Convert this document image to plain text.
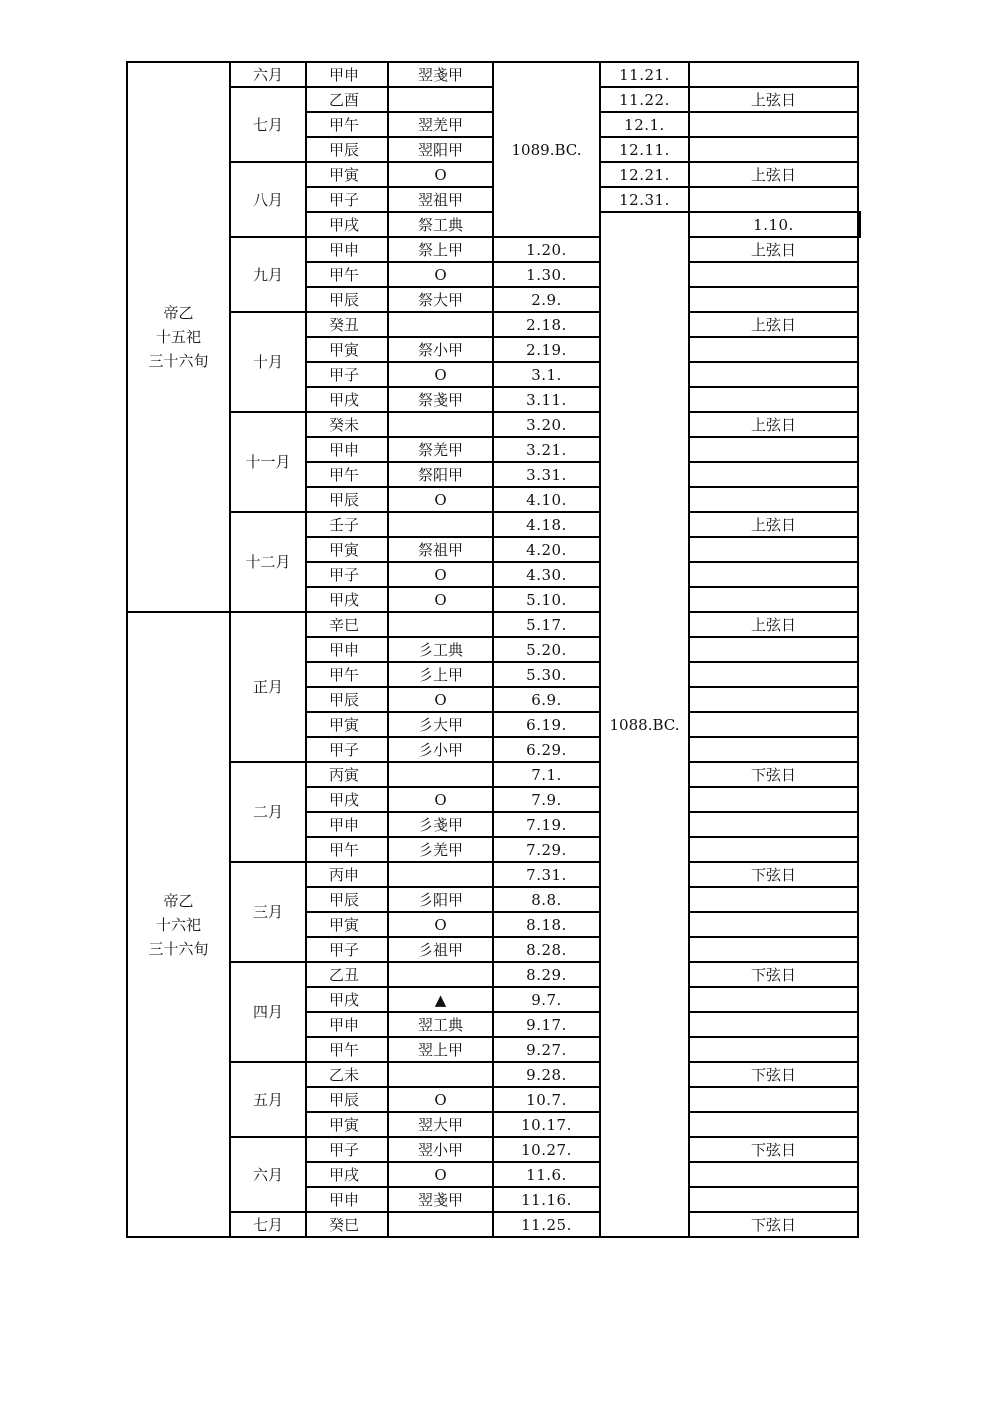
帝乙
十五祀
三十六旬	六月	甲申	翌戔甲	1089.BC.	11.21.		
	七月	乙酉			11.22.	上弦日	
		甲午	翌羌甲		12.1.		
		甲辰	翌阳甲		12.11.		
	八月	甲寅	O		12.21.	上弦日	
		甲子	翌祖甲		12.31.		
		甲戌	祭工典		1088.BC.	1.10.	
	九月	甲申	祭上甲	1.20.		上弦日	
		甲午	O	1.30.			
		甲辰	祭大甲	2.9.			
	十月	癸丑		2.18.		上弦日	
		甲寅	祭小甲	2.19.			
		甲子	O	3.1.			
		甲戌	祭戔甲	3.11.			
	十一月	癸未		3.20.		上弦日	
		甲申	祭羌甲	3.21.			
		甲午	祭阳甲	3.31.			
		甲辰	O	4.10.			
	十二月	壬子		4.18.		上弦日	
		甲寅	祭祖甲	4.20.			
		甲子	O	4.30.			
		甲戌	O	5.10.			
帝乙
十六祀
三十六旬	正月	辛巳		5.17.		上弦日	
		甲申	彡工典	5.20.			
		甲午	彡上甲	5.30.			
		甲辰	O	6.9.			
		甲寅	彡大甲	6.19.			
		甲子	彡小甲	6.29.			
	二月	丙寅		7.1.		下弦日	
		甲戌	O	7.9.			
		甲申	彡戔甲	7.19.			
		甲午	彡羌甲	7.29.			
	三月	丙申		7.31.		下弦日	
		甲辰	彡阳甲	8.8.			
		甲寅	O	8.18.			
		甲子	彡祖甲	8.28.			
	四月	乙丑		8.29.		下弦日	
		甲戌	▲	9.7.			
		甲申	翌工典	9.17.			
		甲午	翌上甲	9.27.			
	五月	乙未		9.28.		下弦日	
		甲辰	O	10.7.			
		甲寅	翌大甲	10.17.			
	六月	甲子	翌小甲	10.27.		下弦日	
		甲戌	O	11.6.			
		甲申	翌戔甲	11.16.			
	七月	癸巳		11.25.		下弦日	
